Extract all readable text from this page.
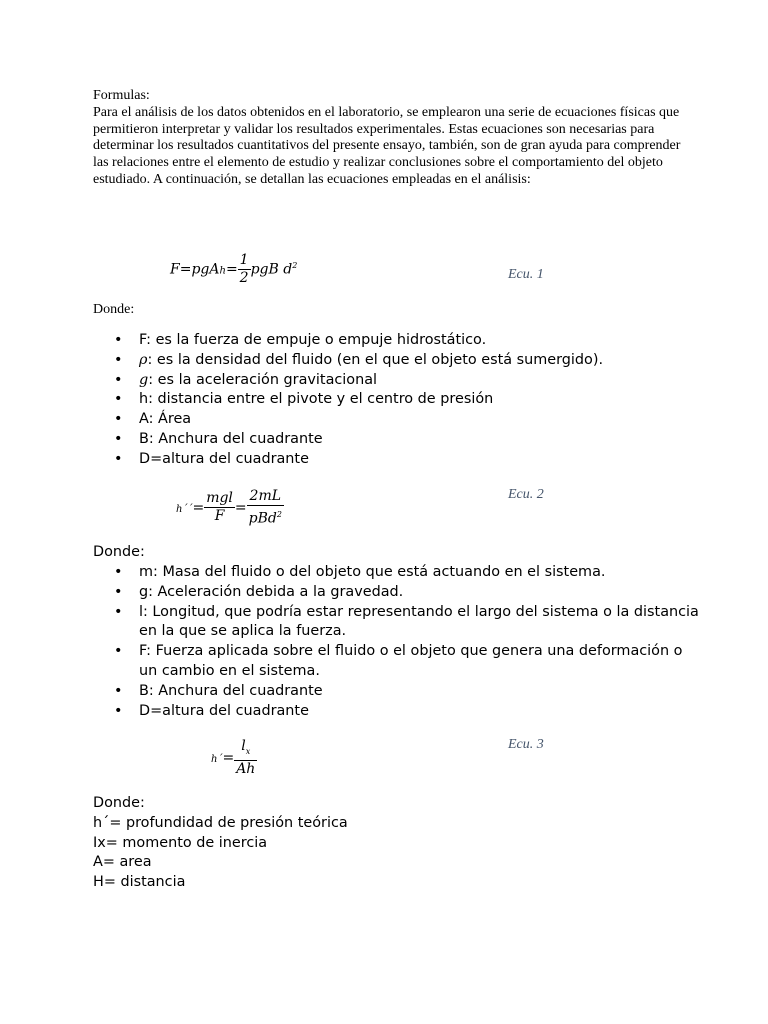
Formulas:

Para el análisis de los datos obtenidos en el laboratorio, se emplearon una serie de ecuaciones físicas que permitieron interpretar y validar los resultados experimentales. Estas ecuaciones son necesarias para determinar los resultados cuantitativos del presente ensayo, también, son de gran ayuda para comprender las relaciones entre el elemento de estudio y realizar conclusiones sobre el comportamiento del objeto estudiado. A continuación, se detallan las ecuaciones empleadas en el análisis:

F=pgAh= $\frac{1}{2}$ pgB $d^2$
Ecu. 1
Donde:
• F: es la fuerza de empuje o empuje hidrostático.
• ρ: es la densidad del fluido (en el que el objeto está sumergido).
• g: es la aceleración gravitacional
• h: distancia entre el pivote y el centro de presión
• A: Área
• B: Anchura del cuadrante
• D=altura del cuadrante
h´´= $\frac{\text{mgl}}{F} = \frac{2mL}{pBd^2}$	Ecu. 2
Donde:
• m: Masa del fluido o del objeto que está actuando en el sistema.
• g: Aceleración debida a la gravedad.
• l: Longitud, que podría estar representando el largo del sistema o la distancia en la que se aplica la fuerza.
• F: Fuerza aplicada sobre el fluido o el objeto que genera una deformación o un cambio en el sistema.
• B: Anchura del cuadrante
• D=altura del cuadrante
h´= $\frac{l_x}{Ah}$	Ecu. 3
Donde:
h´= profundidad de presión teórica
Ix= momento de inercia
A= area
H= distancia
